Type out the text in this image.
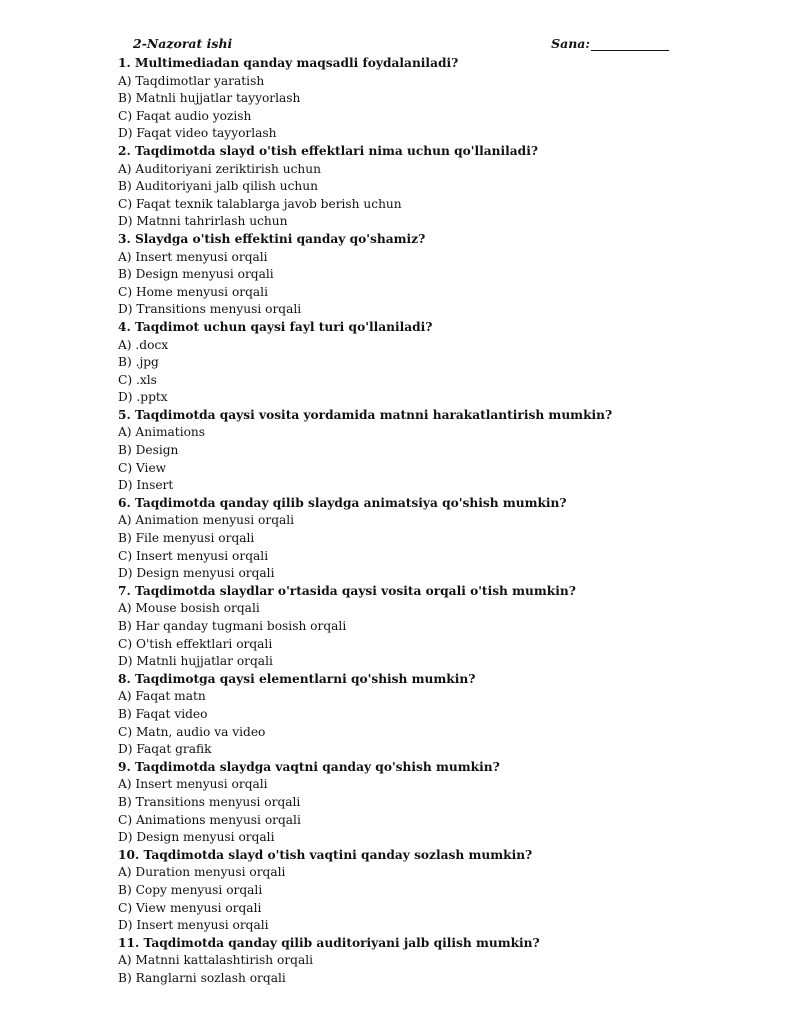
2-Nazorat ishi	Sana:
1. Multimediadan qanday maqsadli foydalaniladi?
A) Taqdimotlar yaratish
B) Matnli hujjatlar tayyorlash
C) Faqat audio yozish
D) Faqat video tayyorlash
2. Taqdimotda slayd o'tish effektlari nima uchun qo'llaniladi?
A) Auditoriyani zeriktirish uchun
B) Auditoriyani jalb qilish uchun
C) Faqat texnik talablarga javob berish uchun
D) Matnni tahrirlash uchun
3. Slaydga o'tish effektini qanday qo'shamiz?
A) Insert menyusi orqali
B) Design menyusi orqali
C) Home menyusi orqali
D) Transitions menyusi orqali
4. Taqdimot uchun qaysi fayl turi qo'llaniladi?
A) .docx
B) .jpg
C) .xls
D) .pptx
5. Taqdimotda qaysi vosita yordamida matnni harakatlantirish mumkin?
A) Animations
B) Design
C) View
D) Insert
6. Taqdimotda qanday qilib slaydga animatsiya qo'shish mumkin?
A) Animation menyusi orqali
B) File menyusi orqali
C) Insert menyusi orqali
D) Design menyusi orqali
7. Taqdimotda slaydlar o'rtasida qaysi vosita orqali o'tish mumkin?
A) Mouse bosish orqali
B) Har qanday tugmani bosish orqali
C) O'tish effektlari orqali
D) Matnli hujjatlar orqali
8. Taqdimotga qaysi elementlarni qo'shish mumkin?
A) Faqat matn
B) Faqat video
C) Matn, audio va video
D) Faqat grafik
9. Taqdimotda slaydga vaqtni qanday qo'shish mumkin?
A) Insert menyusi orqali
B) Transitions menyusi orqali
C) Animations menyusi orqali
D) Design menyusi orqali
10. Taqdimotda slayd o'tish vaqtini qanday sozlash mumkin?
A) Duration menyusi orqali
B) Copy menyusi orqali
C) View menyusi orqali
D) Insert menyusi orqali
11. Taqdimotda qanday qilib auditoriyani jalb qilish mumkin?
A) Matnni kattalashtirish orqali
B) Ranglarni sozlash orqali
